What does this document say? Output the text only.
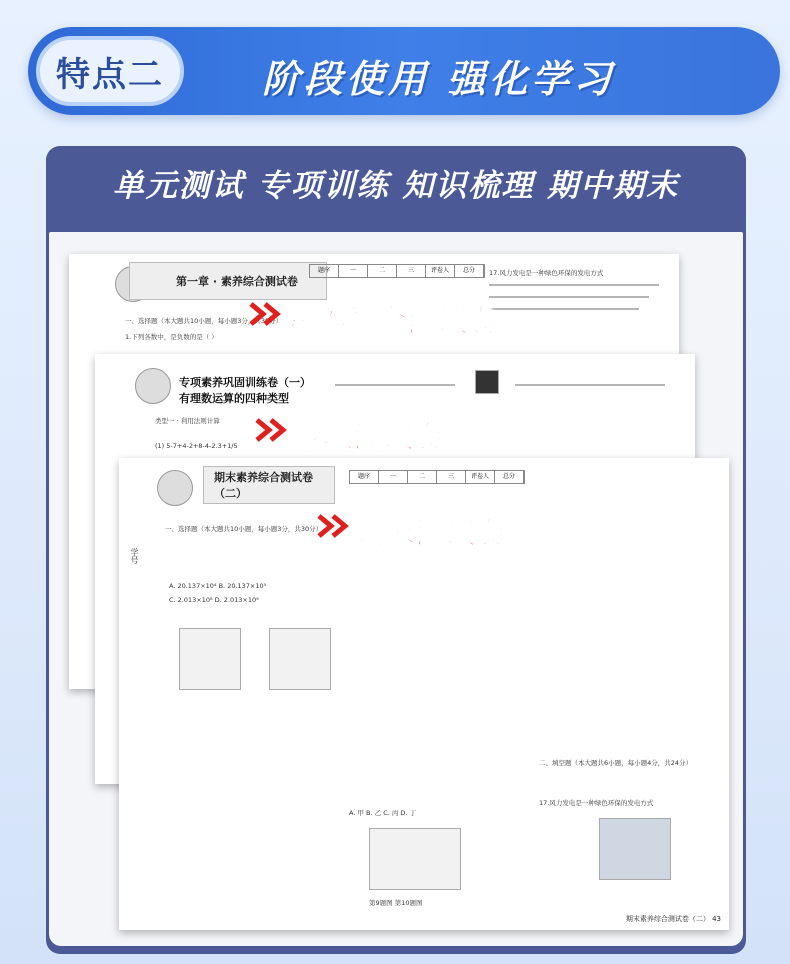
特点二	阶段使用 强化学习
单元测试 专项训练 知识梳理 期中期末
第一章 · 素养综合测试卷
题序	一	二	三	评卷人	总分
一、选择题（本大题共10小题，每小题3分，共30分）
1.下列各数中，是负数的是（ ）
17.风力发电是一种绿色环保的发电方式
专项素养巩固训练卷（一）有理数运算的四种类型
类型一 · 利用法则计算
(1) 5-7+4-2+8-4-2.3+1/5
期末素养综合测试卷（二）
题序	一	二	三	评卷人	总分
一、选择题（本大题共10小题，每小题3分，共30分）
A. 20.137×10⁴ B. 20.137×10⁵
C. 2.013×10⁸ D. 2.013×10⁹
二、填空题（本大题共6小题，每小题4分，共24分）
17.风力发电是一种绿色环保的发电方式
A. 甲 B. 乙 C. 丙 D. 丁
第9题图 第10题图
学号
期末素养综合测试卷（二） 43
素养综合测试卷
专项测试卷
期末测试卷
